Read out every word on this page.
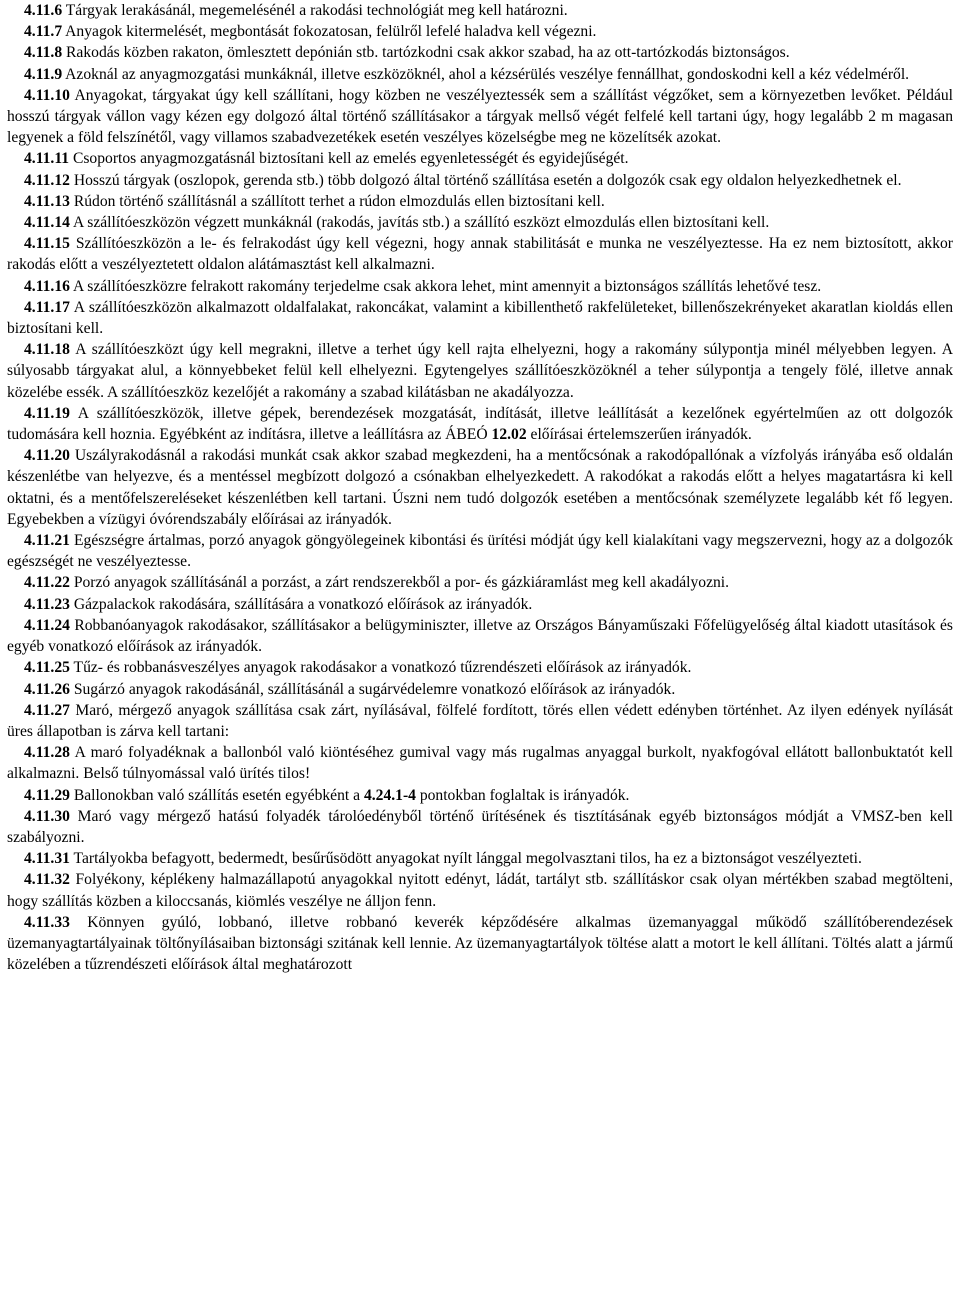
4.11.6 Tárgyak lerakásánál, megemelésénél a rakodási technológiát meg kell határozni.

4.11.7 Anyagok kitermelését, megbontását fokozatosan, felülről lefelé haladva kell végezni.

4.11.8 Rakodás közben rakaton, ömlesztett depónián stb. tartózkodni csak akkor szabad, ha az ott-tartózkodás biztonságos.

4.11.9 Azoknál az anyagmozgatási munkáknál, illetve eszközöknél, ahol a kézsérülés veszélye fennállhat, gondoskodni kell a kéz védelméről.

4.11.10 Anyagokat, tárgyakat úgy kell szállítani, hogy közben ne veszélyeztessék sem a szállítást végzőket, sem a környezetben levőket. Például hosszú tárgyak vállon vagy kézen egy dolgozó által történő szállításakor a tárgyak mellső végét felfelé kell tartani úgy, hogy legalább 2 m magasan legyenek a föld felszínétől, vagy villamos szabadvezetékek esetén veszélyes közelségbe meg ne közelítsék azokat.

4.11.11 Csoportos anyagmozgatásnál biztosítani kell az emelés egyenletességét és egyidejűségét.

4.11.12 Hosszú tárgyak (oszlopok, gerenda stb.) több dolgozó által történő szállítása esetén a dolgozók csak egy oldalon helyezkedhetnek el.

4.11.13 Rúdon történő szállításnál a szállított terhet a rúdon elmozdulás ellen biztosítani kell.

4.11.14 A szállítóeszközön végzett munkáknál (rakodás, javítás stb.) a szállító eszközt elmozdulás ellen biztosítani kell.

4.11.15 Szállítóeszközön a le- és felrakodást úgy kell végezni, hogy annak stabilitását e munka ne veszélyeztesse. Ha ez nem biztosított, akkor rakodás előtt a veszélyeztetett oldalon alátámasztást kell alkalmazni.

4.11.16 A szállítóeszközre felrakott rakomány terjedelme csak akkora lehet, mint amennyit a biztonságos szállítás lehetővé tesz.

4.11.17 A szállítóeszközön alkalmazott oldalfalakat, rakoncákat, valamint a kibillenthető rakfelületeket, billenőszekrényeket akaratlan kioldás ellen biztosítani kell.

4.11.18 A szállítóeszközt úgy kell megrakni, illetve a terhet úgy kell rajta elhelyezni, hogy a rakomány súlypontja minél mélyebben legyen. A súlyosabb tárgyakat alul, a könnyebbeket felül kell elhelyezni. Egytengelyes szállítóeszközöknél a teher súlypontja a tengely fölé, illetve annak közelébe essék. A szállítóeszköz kezelőjét a rakomány a szabad kilátásban ne akadályozza.

4.11.19 A szállítóeszközök, illetve gépek, berendezések mozgatását, indítását, illetve leállítását a kezelőnek egyértelműen az ott dolgozók tudomására kell hoznia. Egyébként az indításra, illetve a leállításra az ÁBEÓ 12.02 előírásai értelemszerűen irányadók.

4.11.20 Uszályrakodásnál a rakodási munkát csak akkor szabad megkezdeni, ha a mentőcsónak a rakodópallónak a vízfolyás irányába eső oldalán készenlétbe van helyezve, és a mentéssel megbízott dolgozó a csónakban elhelyezkedett. A rakodókat a rakodás előtt a helyes magatartásra ki kell oktatni, és a mentőfelszereléseket készenlétben kell tartani. Úszni nem tudó dolgozók esetében a mentőcsónak személyzete legalább két fő legyen. Egyebekben a vízügyi óvórendszabály előírásai az irányadók.

4.11.21 Egészségre ártalmas, porzó anyagok göngyölegeinek kibontási és ürítési módját úgy kell kialakítani vagy megszervezni, hogy az a dolgozók egészségét ne veszélyeztesse.

4.11.22 Porzó anyagok szállításánál a porzást, a zárt rendszerekből a por- és gázkiáramlást meg kell akadályozni.

4.11.23 Gázpalackok rakodására, szállítására a vonatkozó előírások az irányadók.

4.11.24 Robbanóanyagok rakodásakor, szállításakor a belügyminiszter, illetve az Országos Bányaműszaki Főfelügyelőség által kiadott utasítások és egyéb vonatkozó előírások az irányadók.

4.11.25 Tűz- és robbanásveszélyes anyagok rakodásakor a vonatkozó tűzrendészeti előírások az irányadók.

4.11.26 Sugárzó anyagok rakodásánál, szállításánál a sugárvédelemre vonatkozó előírások az irányadók.

4.11.27 Maró, mérgező anyagok szállítása csak zárt, nyílásával, fölfelé fordított, törés ellen védett edényben történhet. Az ilyen edények nyílását üres állapotban is zárva kell tartani:

4.11.28 A maró folyadéknak a ballonból való kiöntéséhez gumival vagy más rugalmas anyaggal burkolt, nyakfogóval ellátott ballonbuktatót kell alkalmazni. Belső túlnyomással való ürítés tilos!

4.11.29 Ballonokban való szállítás esetén egyébként a 4.24.1-4 pontokban foglaltak is irányadók.

4.11.30 Maró vagy mérgező hatású folyadék tárolóedényből történő ürítésének és tisztításának egyéb biztonságos módját a VMSZ-ben kell szabályozni.

4.11.31 Tartályokba befagyott, bedermedt, besűrűsödött anyagokat nyílt lánggal megolvasztani tilos, ha ez a biztonságot veszélyezteti.

4.11.32 Folyékony, képlékeny halmazállapotú anyagokkal nyitott edényt, ládát, tartályt stb. szállításkor csak olyan mértékben szabad megtölteni, hogy szállítás közben a kiloccsanás, kiömlés veszélye ne álljon fenn.

4.11.33 Könnyen gyúló, lobbanó, illetve robbanó keverék képződésére alkalmas üzemanyaggal működő szállítóberendezések üzemanyagtartályainak töltőnyílásaiban biztonsági szitának kell lennie. Az üzemanyagtartályok töltése alatt a motort le kell állítani. Töltés alatt a jármű közelében a tűzrendészeti előírások által meghatározott
